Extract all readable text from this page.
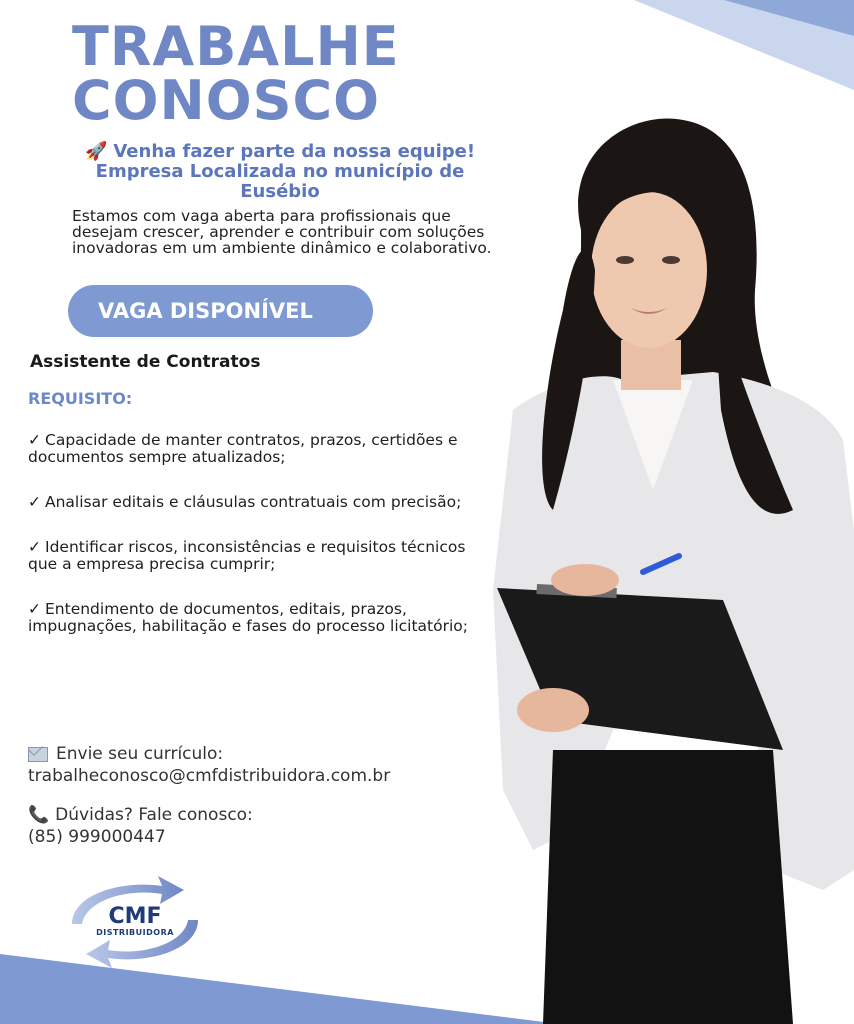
TRABALHE
CONOSCO
🚀 Venha fazer parte da nossa equipe!
Empresa Localizada no município de
Eusébio
Estamos com vaga aberta para profissionais que desejam crescer, aprender e contribuir com soluções inovadoras em um ambiente dinâmico e colaborativo.
VAGA DISPONÍVEL
Assistente de Contratos
REQUISITO:
✓ Capacidade de manter contratos, prazos, certidões e documentos sempre atualizados;
✓ Analisar editais e cláusulas contratuais com precisão;
✓ Identificar riscos, inconsistências e requisitos técnicos que a empresa precisa cumprir;
✓ Entendimento de documentos, editais, prazos, impugnações, habilitação e fases do processo licitatório;
Envie seu currículo:
trabalheconosco@cmfdistribuidora.com.br
📞 Dúvidas? Fale conosco:
(85) 999000447
CMF
DISTRIBUIDORA
